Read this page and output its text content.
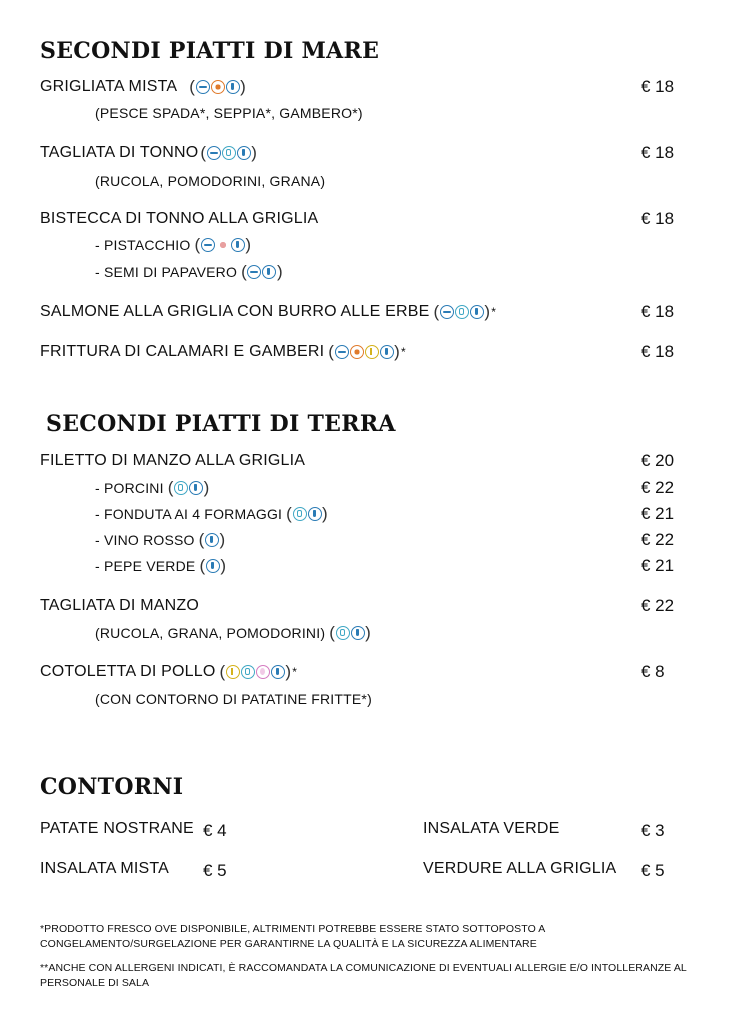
SECONDI PIATTI DI MARE
GRIGLIATA MISTA (	)	€ 18
(PESCE SPADA*, SEPPIA*, GAMBERO*)
TAGLIATA DI TONNO (	)	€ 18
(RUCOLA, POMODORINI, GRANA)
BISTECCA DI TONNO ALLA GRIGLIA	€ 18
- PISTACCHIO (	)
- SEMI DI PAPAVERO ( )
SALMONE ALLA GRIGLIA CON BURRO ALLE ERBE (	) *	€ 18
FRITTURA DI CALAMARI E GAMBERI (	) *	€ 18
SECONDI PIATTI DI TERRA
FILETTO DI MANZO ALLA GRIGLIA	€ 20
- PORCINI ( )	€ 22
- FONDUTA AI 4 FORMAGGI ( )	€ 21
- VINO ROSSO ( )	€ 22
- PEPE VERDE ( )	€ 21
TAGLIATA DI MANZO	€ 22
(RUCOLA, GRANA, POMODORINI) ( )
COTOLETTA DI POLLO (	) *	€ 8
(CON CONTORNO DI PATATINE FRITTE*)
CONTORNI
PATATE NOSTRANE € 4	INSALATA VERDE	€ 3
INSALATA MISTA € 5	VERDURE ALLA GRIGLIA € 5
*PRODOTTO FRESCO OVE DISPONIBILE, ALTRIMENTI POTREBBE ESSERE STATO SOTTOPOSTO A CONGELAMENTO/SURGELAZIONE PER GARANTIRNE LA QUALITÀ E LA SICUREZZA ALIMENTARE
**ANCHE CON ALLERGENI INDICATI, È RACCOMANDATA LA COMUNICAZIONE DI EVENTUALI ALLERGIE E/O INTOLLERANZE AL PERSONALE DI SALA
